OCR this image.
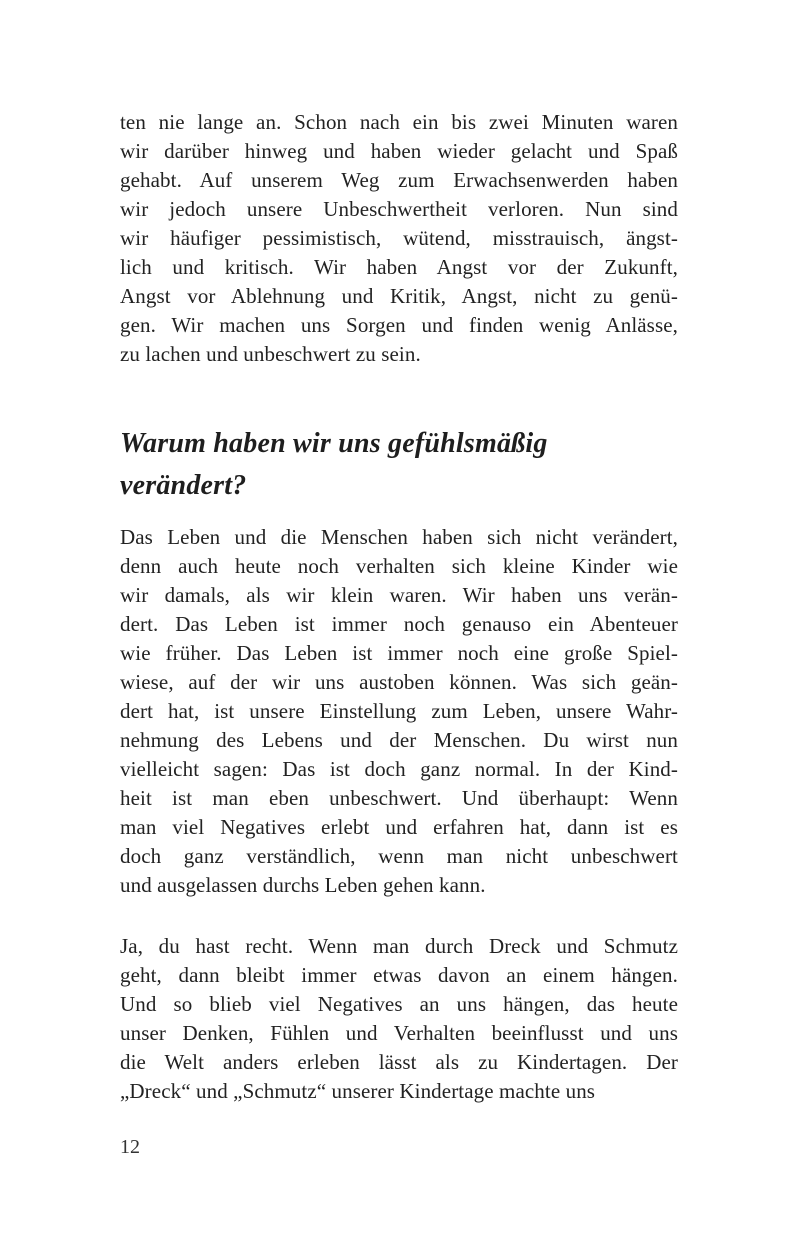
ten nie lange an. Schon nach ein bis zwei Minuten waren
wir darüber hinweg und haben wieder gelacht und Spaß
gehabt. Auf unserem Weg zum Erwachsenwerden haben
wir jedoch unsere Unbeschwertheit verloren. Nun sind
wir häufiger pessimistisch, wütend, misstrauisch, ängst-
lich und kritisch. Wir haben Angst vor der Zukunft,
Angst vor Ablehnung und Kritik, Angst, nicht zu genü-
gen. Wir machen uns Sorgen und finden wenig Anlässe,
zu lachen und unbeschwert zu sein.
Warum haben wir uns gefühlsmäßig
verändert?
Das Leben und die Menschen haben sich nicht verändert,
denn auch heute noch verhalten sich kleine Kinder wie
wir damals, als wir klein waren. Wir haben uns verän-
dert. Das Leben ist immer noch genauso ein Abenteuer
wie früher. Das Leben ist immer noch eine große Spiel-
wiese, auf der wir uns austoben können. Was sich geän-
dert hat, ist unsere Einstellung zum Leben, unsere Wahr-
nehmung des Lebens und der Menschen. Du wirst nun
vielleicht sagen: Das ist doch ganz normal. In der Kind-
heit ist man eben unbeschwert. Und überhaupt: Wenn
man viel Negatives erlebt und erfahren hat, dann ist es
doch ganz verständlich, wenn man nicht unbeschwert
und ausgelassen durchs Leben gehen kann.
Ja, du hast recht. Wenn man durch Dreck und Schmutz
geht, dann bleibt immer etwas davon an einem hängen.
Und so blieb viel Negatives an uns hängen, das heute
unser Denken, Fühlen und Verhalten beeinflusst und uns
die Welt anders erleben lässt als zu Kindertagen. Der
„Dreck“ und „Schmutz“ unserer Kindertage machte uns
12
